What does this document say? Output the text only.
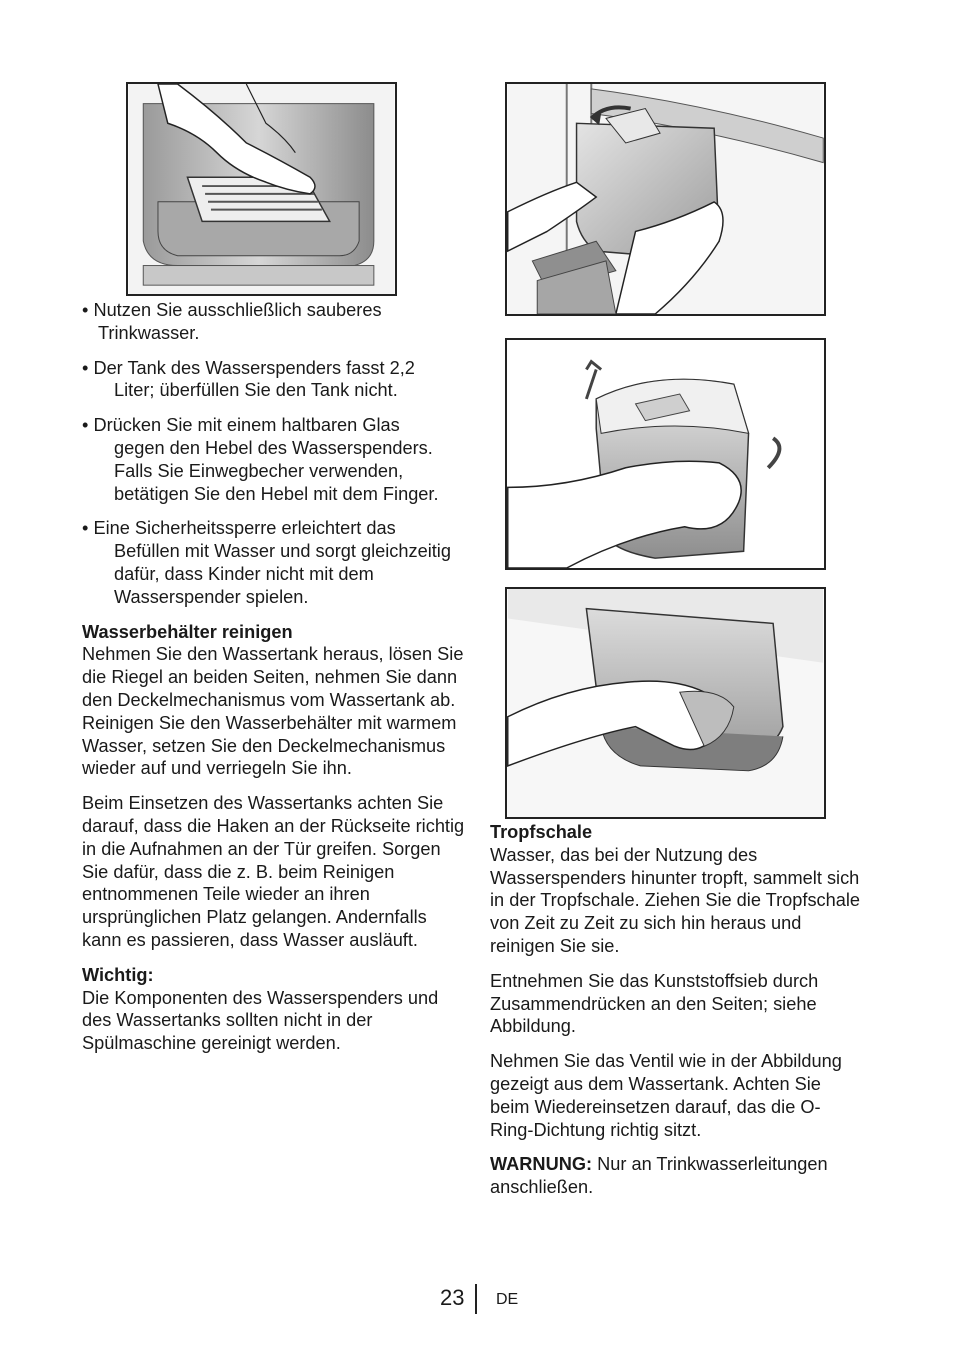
• Nutzen Sie ausschließlich sauberes
Trinkwasser.
• Der Tank des Wasserspenders fasst 2,2
Liter; überfüllen Sie den Tank nicht.
• Drücken Sie mit einem haltbaren Glas
gegen den Hebel des Wasserspenders. Falls Sie Einwegbecher verwenden, betätigen Sie den Hebel mit dem Finger.
• Eine Sicherheitssperre erleichtert das
Befüllen mit Wasser und sorgt gleichzeitig dafür, dass Kinder nicht mit dem Wasserspender spielen.
Wasserbehälter reinigen
Nehmen Sie den Wassertank heraus, lösen Sie die Riegel an beiden Seiten, nehmen Sie dann den Deckelmechanismus vom Wassertank ab. Reinigen Sie den Wasserbehälter mit warmem Wasser, setzen Sie den Deckelmechanismus wieder auf und verriegeln Sie ihn.
Beim Einsetzen des Wassertanks achten Sie darauf, dass die Haken an der Rückseite richtig in die Aufnahmen an der Tür greifen. Sorgen Sie dafür, dass die z. B. beim Reinigen entnommenen Teile wieder an ihren ursprünglichen Platz gelangen. Andernfalls kann es passieren, dass Wasser ausläuft.
Wichtig:
Die Komponenten des Wasserspenders und des Wassertanks sollten nicht in der Spülmaschine gereinigt werden.
Tropfschale
Wasser, das bei der Nutzung des Wasserspenders hinunter tropft, sammelt sich in der Tropfschale. Ziehen Sie die Tropfschale von Zeit zu Zeit zu sich hin heraus und reinigen Sie sie.
Entnehmen Sie das Kunststoffsieb durch Zusammendrücken an den Seiten; siehe Abbildung.
Nehmen Sie das Ventil wie in der Abbildung gezeigt aus dem Wassertank. Achten Sie beim Wiedereinsetzen darauf, das die O-Ring-Dichtung richtig sitzt.
WARNUNG: Nur an Trinkwasserleitungen anschließen.
23 DE
